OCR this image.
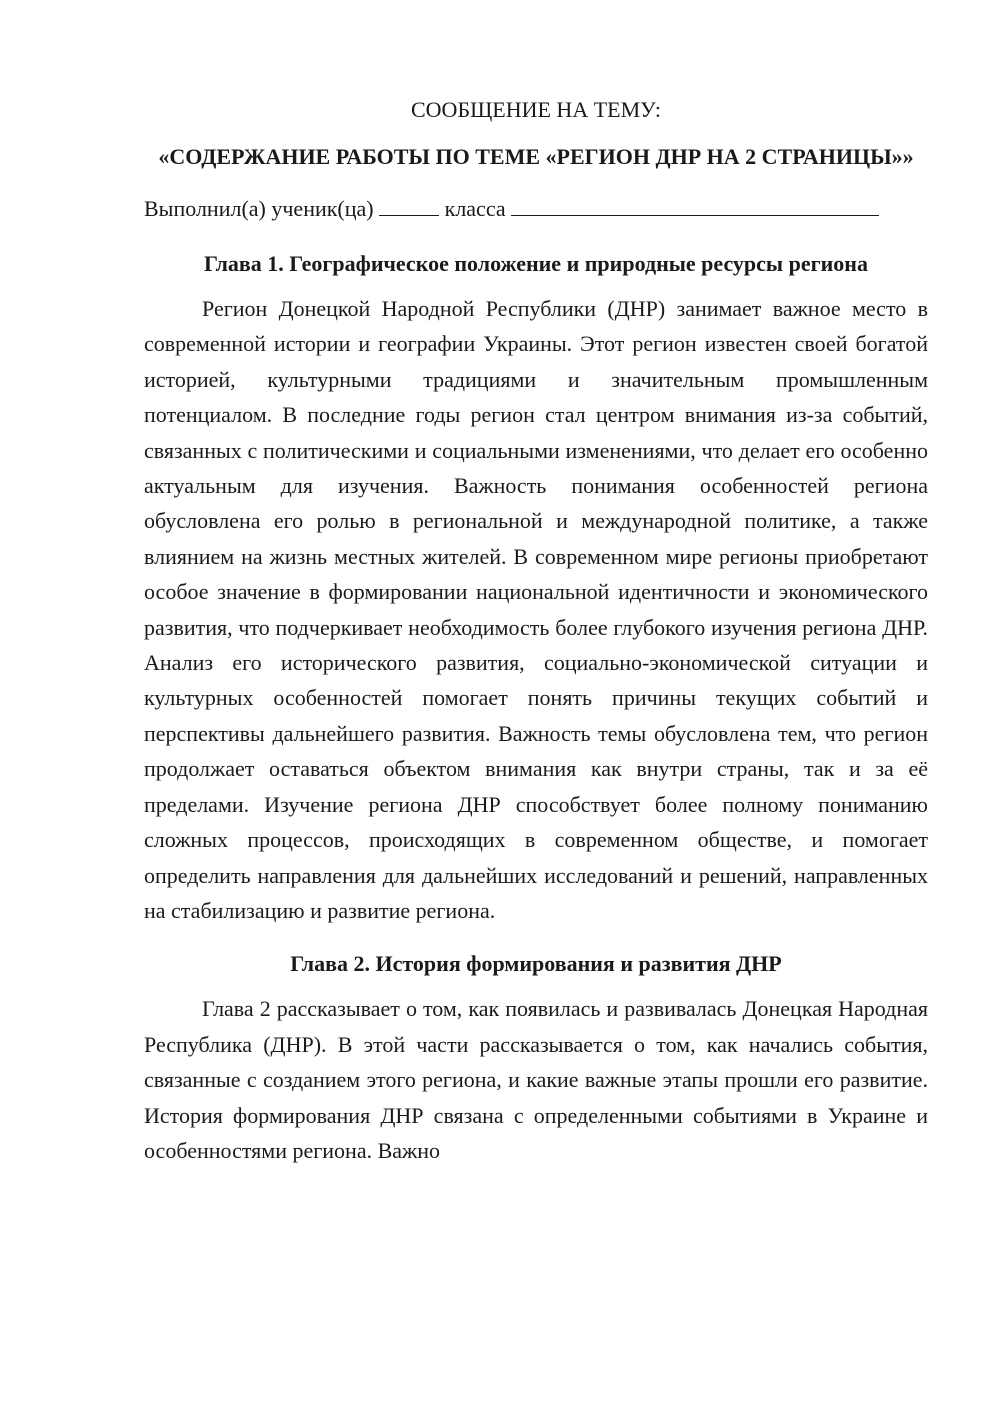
СООБЩЕНИЕ НА ТЕМУ:

«СОДЕРЖАНИЕ РАБОТЫ ПО ТЕМЕ «РЕГИОН ДНР НА 2 СТРАНИЦЫ»»

Выполнил(а) ученик(ца)	класса

Глава 1. Географическое положение и природные ресурсы региона

Регион Донецкой Народной Республики (ДНР) занимает важное место в современной истории и географии Украины. Этот регион известен своей богатой историей, культурными традициями и значительным промышленным потенциалом. В последние годы регион стал центром внимания из-за событий, связанных с политическими и социальными изменениями, что делает его особенно актуальным для изучения. Важность понимания особенностей региона обусловлена его ролью в региональной и международной политике, а также влиянием на жизнь местных жителей. В современном мире регионы приобретают особое значение в формировании национальной идентичности и экономического развития, что подчеркивает необходимость более глубокого изучения региона ДНР. Анализ его исторического развития, социально-экономической ситуации и культурных особенностей помогает понять причины текущих событий и перспективы дальнейшего развития. Важность темы обусловлена тем, что регион продолжает оставаться объектом внимания как внутри страны, так и за её пределами. Изучение региона ДНР способствует более полному пониманию сложных процессов, происходящих в современном обществе, и помогает определить направления для дальнейших исследований и решений, направленных на стабилизацию и развитие региона.

Глава 2. История формирования и развития ДНР

Глава 2 рассказывает о том, как появилась и развивалась Донецкая Народная Республика (ДНР). В этой части рассказывается о том, как начались события, связанные с созданием этого региона, и какие важные этапы прошли его развитие. История формирования ДНР связана с определенными событиями в Украине и особенностями региона. Важно
